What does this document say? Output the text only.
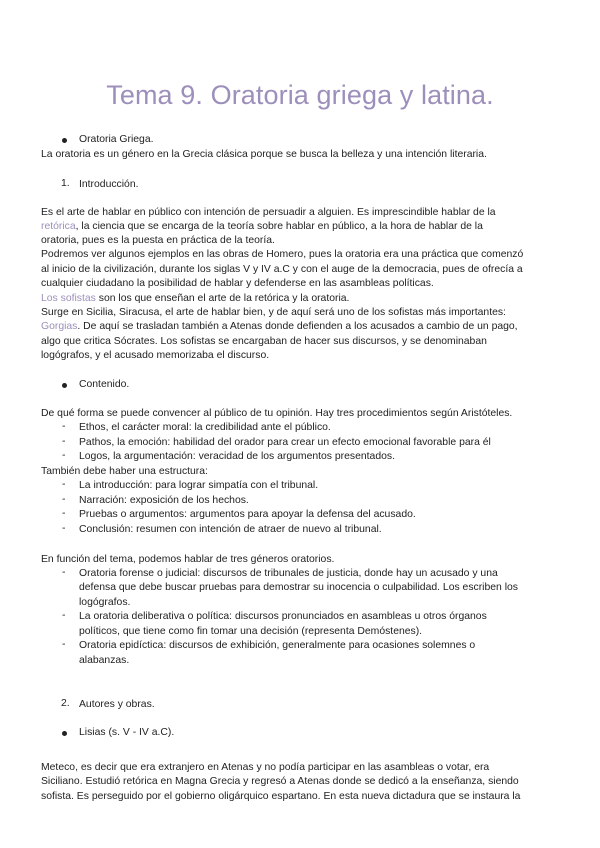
Tema 9. Oratoria griega y latina.
Oratoria Griega.
La oratoria es un género en la Grecia clásica porque se busca la belleza y una intención literaria.
1. Introducción.
Es el arte de hablar en público con intención de persuadir a alguien. Es imprescindible hablar de la
retórica, la ciencia que se encarga de la teoría sobre hablar en público, a la hora de hablar de la
oratoria, pues es la puesta en práctica de la teoría.
Podremos ver algunos ejemplos en las obras de Homero, pues la oratoria era una práctica que comenzó
al inicio de la civilización, durante los siglas V y IV a.C y con el auge de la democracia, pues de ofrecía a
cualquier ciudadano la posibilidad de hablar y defenderse en las asambleas políticas.
Los sofistas son los que enseñan el arte de la retórica y la oratoria.
Surge en Sicilia, Siracusa, el arte de hablar bien, y de aquí será uno de los sofistas más importantes:
Gorgias. De aquí se trasladan también a Atenas donde defienden a los acusados a cambio de un pago,
algo que critica Sócrates. Los sofistas se encargaban de hacer sus discursos, y se denominaban
logógrafos, y el acusado memorizaba el discurso.
Contenido.
De qué forma se puede convencer al público de tu opinión. Hay tres procedimientos según Aristóteles.
- Ethos, el carácter moral: la credibilidad ante el público.
- Pathos, la emoción: habilidad del orador para crear un efecto emocional favorable para él
- Logos, la argumentación: veracidad de los argumentos presentados.
También debe haber una estructura:
- La introducción: para lograr simpatía con el tribunal.
- Narración: exposición de los hechos.
- Pruebas o argumentos: argumentos para apoyar la defensa del acusado.
- Conclusión: resumen con intención de atraer de nuevo al tribunal.
En función del tema, podemos hablar de tres géneros oratorios.
- Oratoria forense o judicial: discursos de tribunales de justicia, donde hay un acusado y una
defensa que debe buscar pruebas para demostrar su inocencia o culpabilidad. Los escriben los
logógrafos.
- La oratoria deliberativa o política: discursos pronunciados en asambleas u otros órganos
políticos, que tiene como fin tomar una decisión (representa Demóstenes).
- Oratoria epidíctica: discursos de exhibición, generalmente para ocasiones solemnes o
alabanzas.
2. Autores y obras.
Lisias (s. V - IV a.C).
Meteco, es decir que era extranjero en Atenas y no podía participar en las asambleas o votar, era
Siciliano. Estudió retórica en Magna Grecia y regresó a Atenas donde se dedicó a la enseñanza, siendo
sofista. Es perseguido por el gobierno oligárquico espartano. En esta nueva dictadura que se instaura la
